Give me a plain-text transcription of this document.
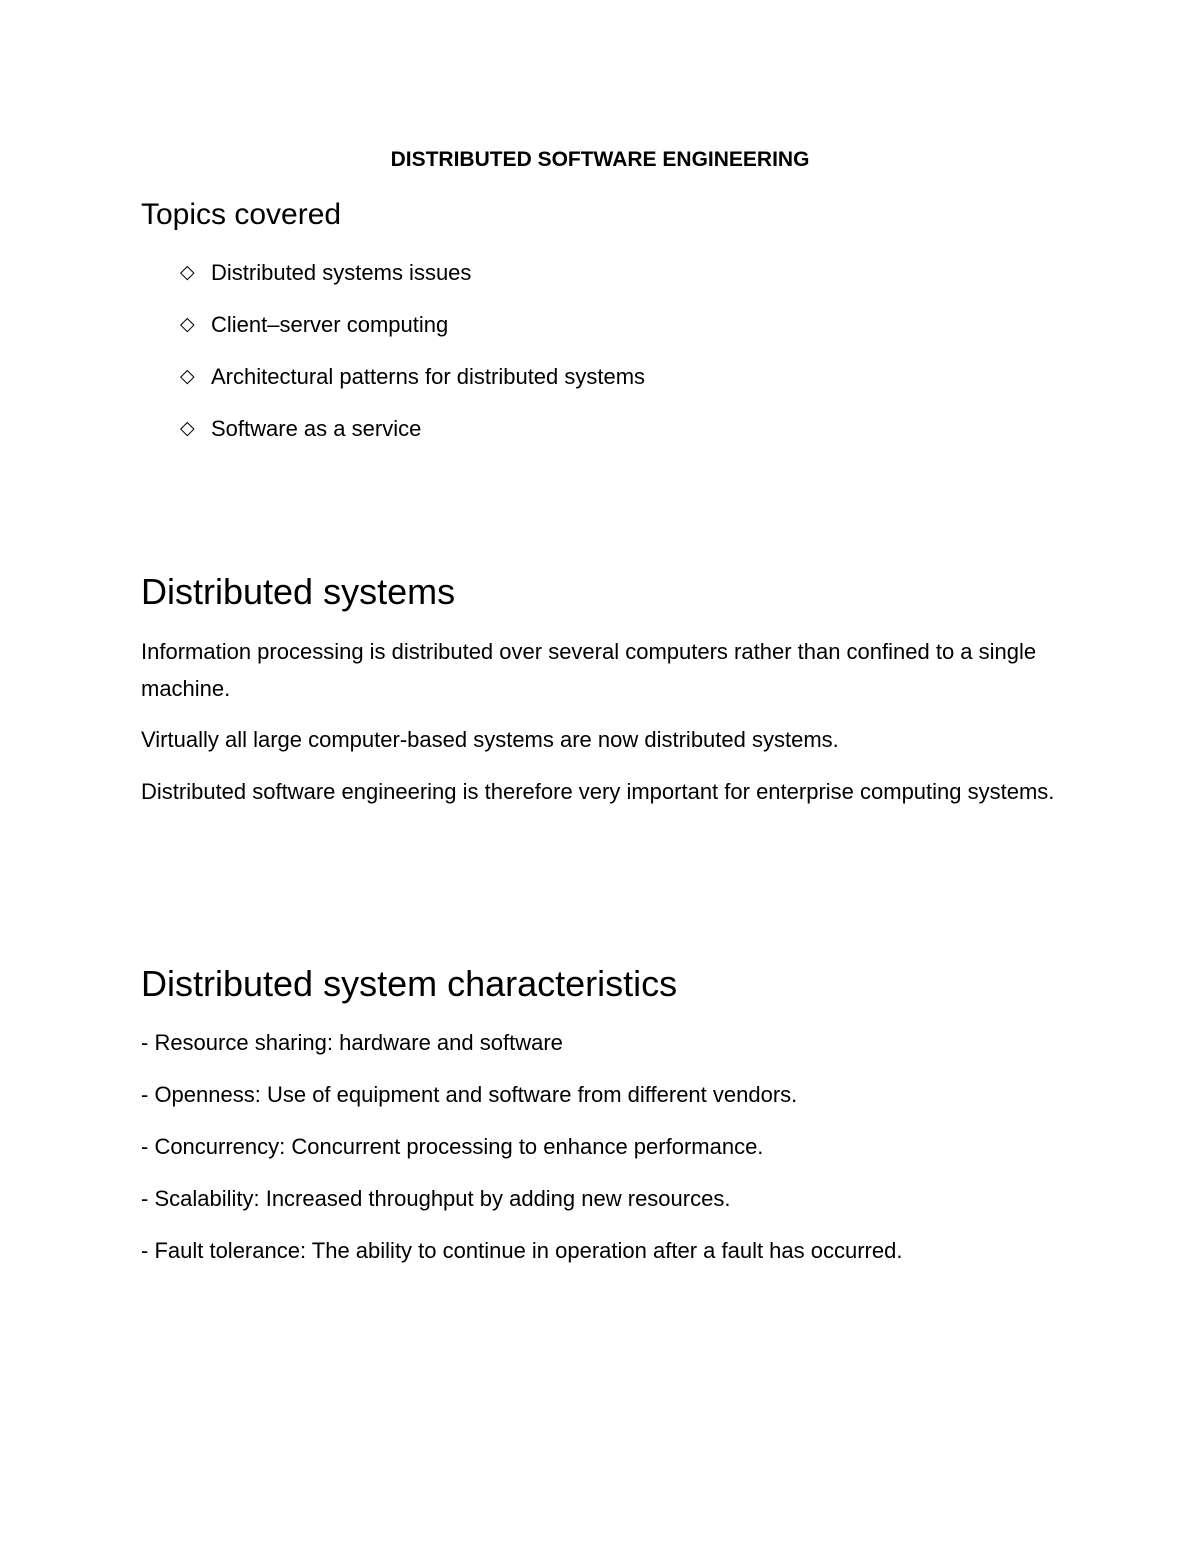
DISTRIBUTED SOFTWARE ENGINEERING
Topics covered
◇ Distributed systems issues
◇ Client–server computing
◇ Architectural patterns for distributed systems
◇ Software as a service
Distributed systems

Information processing is distributed over several computers rather than confined to a single machine.

Virtually all large computer-based systems are now distributed systems.

Distributed software engineering is therefore very important for enterprise computing systems.

Distributed system characteristics
- Resource sharing: hardware and software
- Openness: Use of equipment and software from different vendors.
- Concurrency: Concurrent processing to enhance performance.
- Scalability: Increased throughput by adding new resources.
- Fault tolerance: The ability to continue in operation after a fault has occurred.
